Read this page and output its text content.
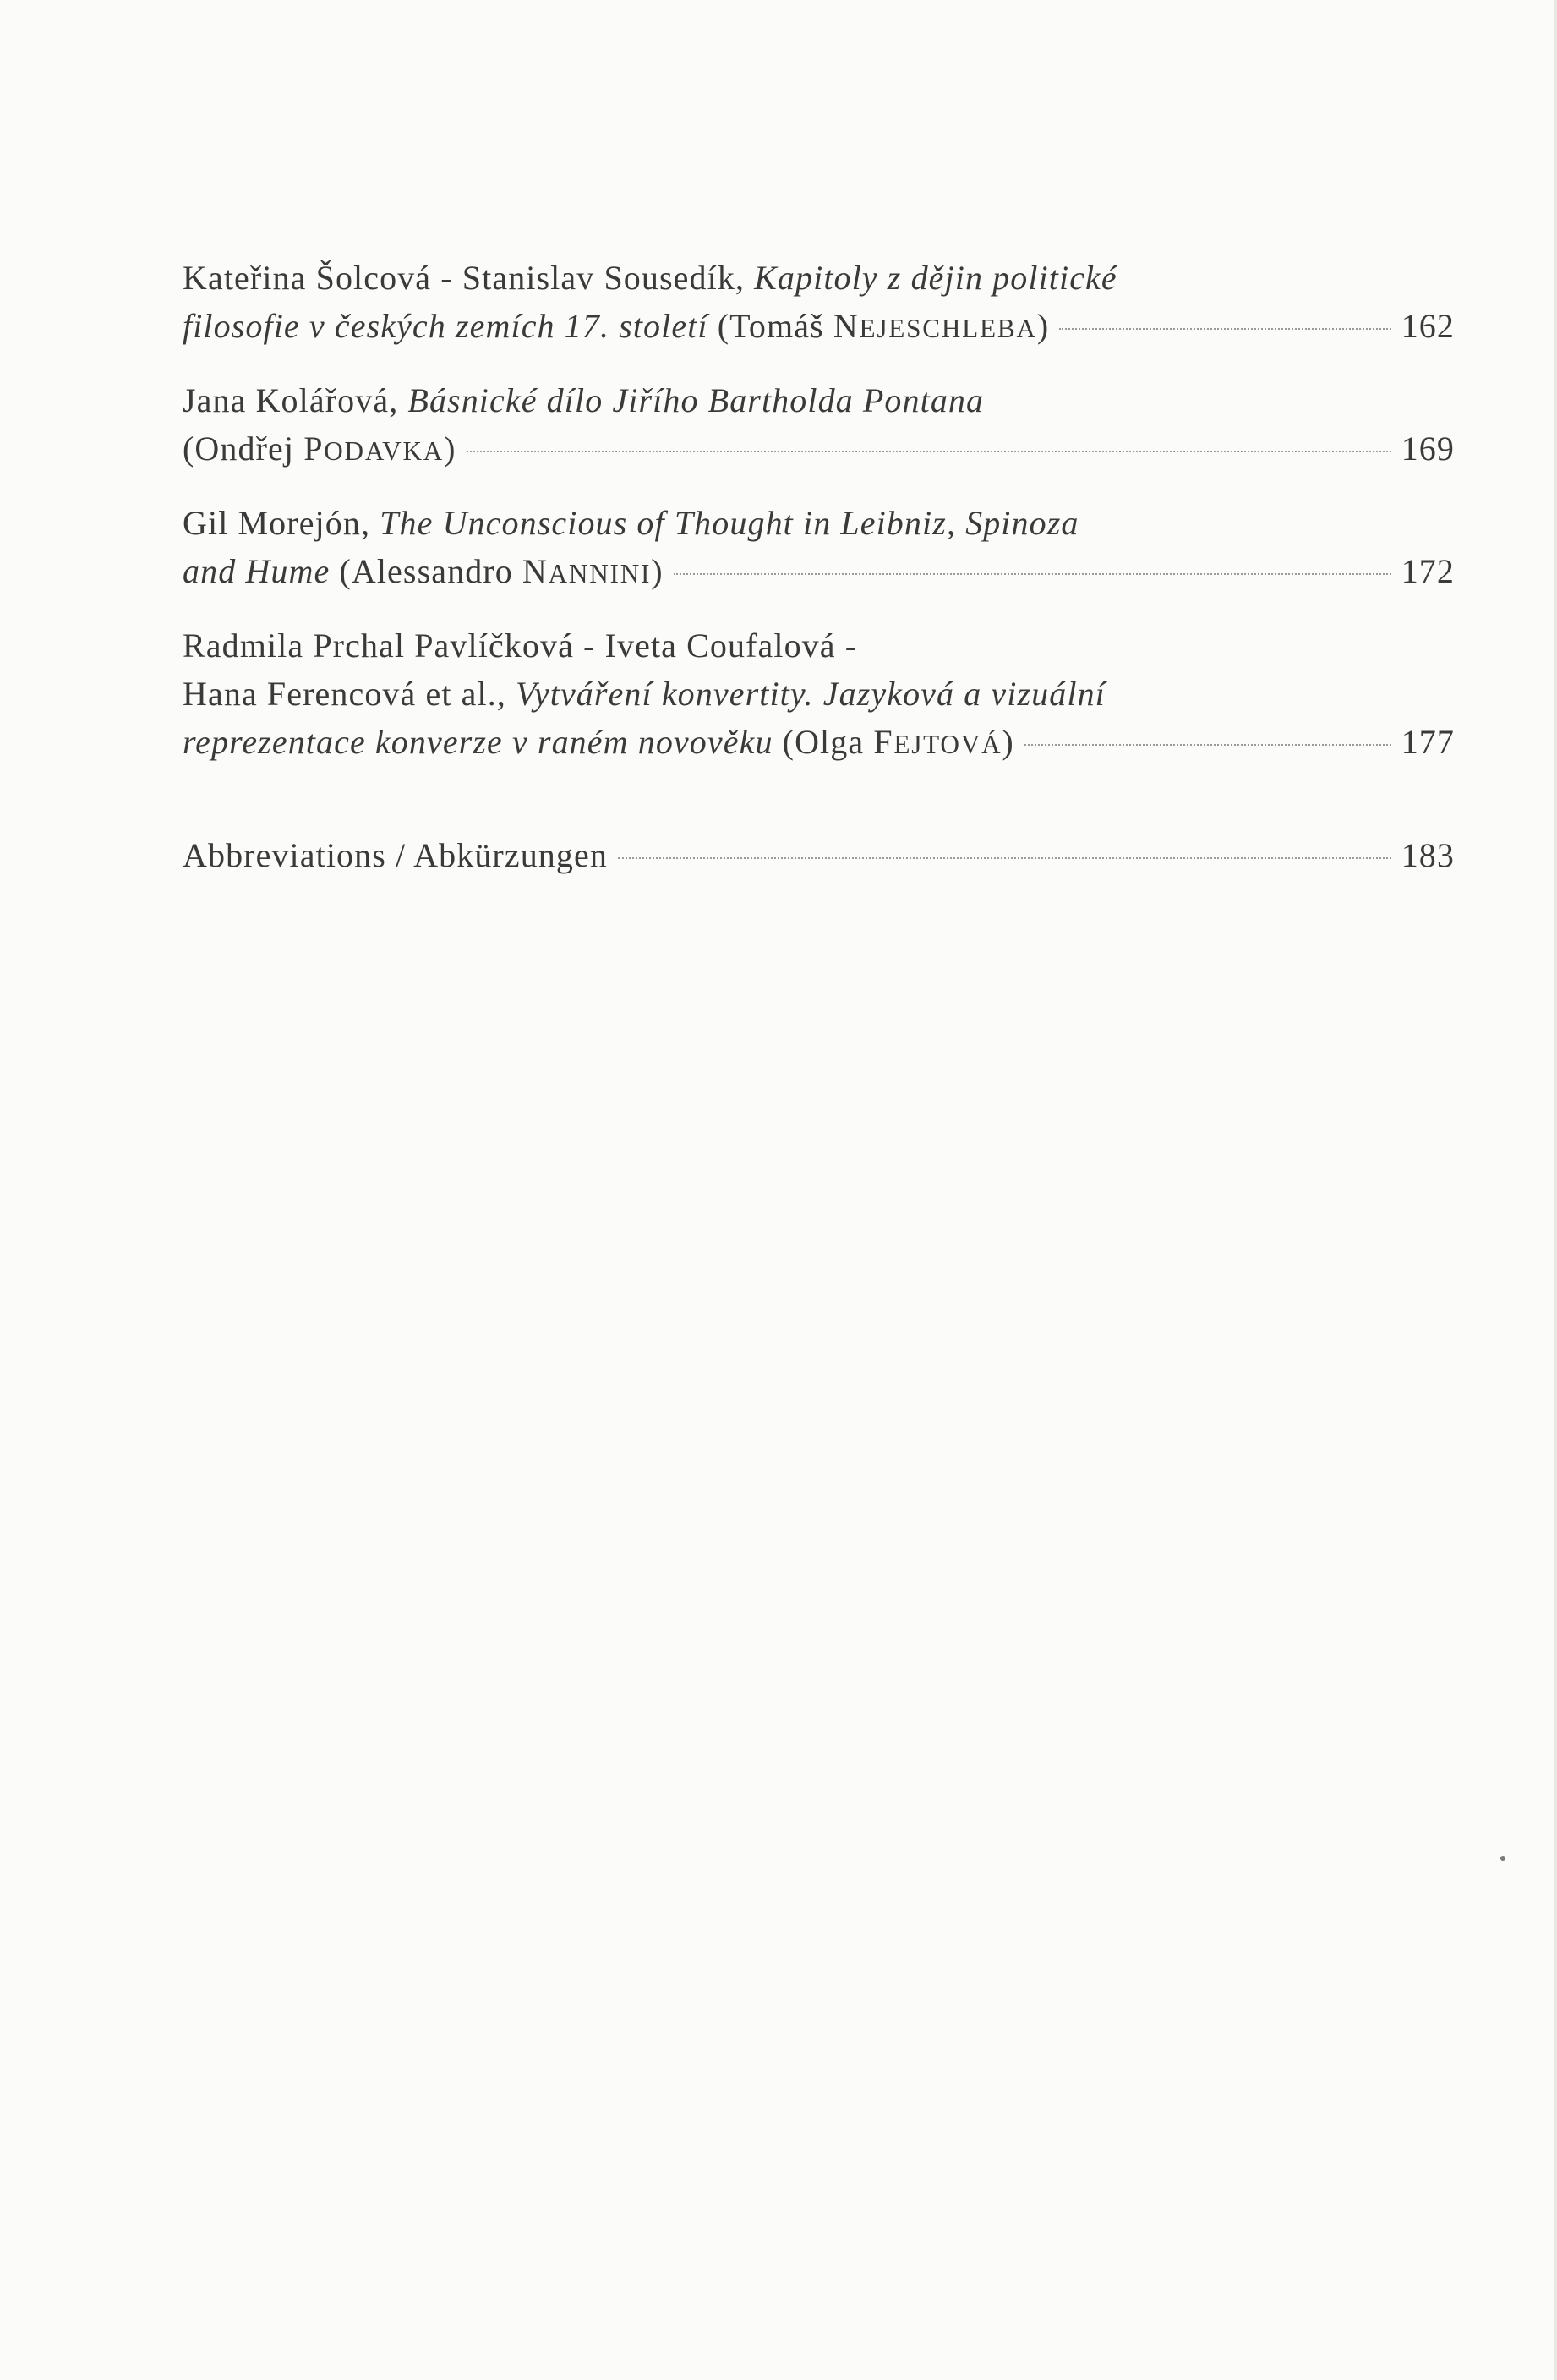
Kateřina Šolcová - Stanislav Sousedík, Kapitoly z dějin politické
filosofie v českých zemích 17. století (Tomáš NEJESCHLEBA)	162
Jana Kolářová, Básnické dílo Jiřího Bartholda Pontana
(Ondřej PODAVKA)	169
Gil Morejón, The Unconscious of Thought in Leibniz, Spinoza
and Hume (Alessandro NANNINI)	172
Radmila Prchal Pavlíčková - Iveta Coufalová -
Hana Ferencová et al., Vytváření konvertity. Jazyková a vizuální
reprezentace konverze v raném novověku (Olga FEJTOVÁ)	177
Abbreviations / Abkürzungen	183
